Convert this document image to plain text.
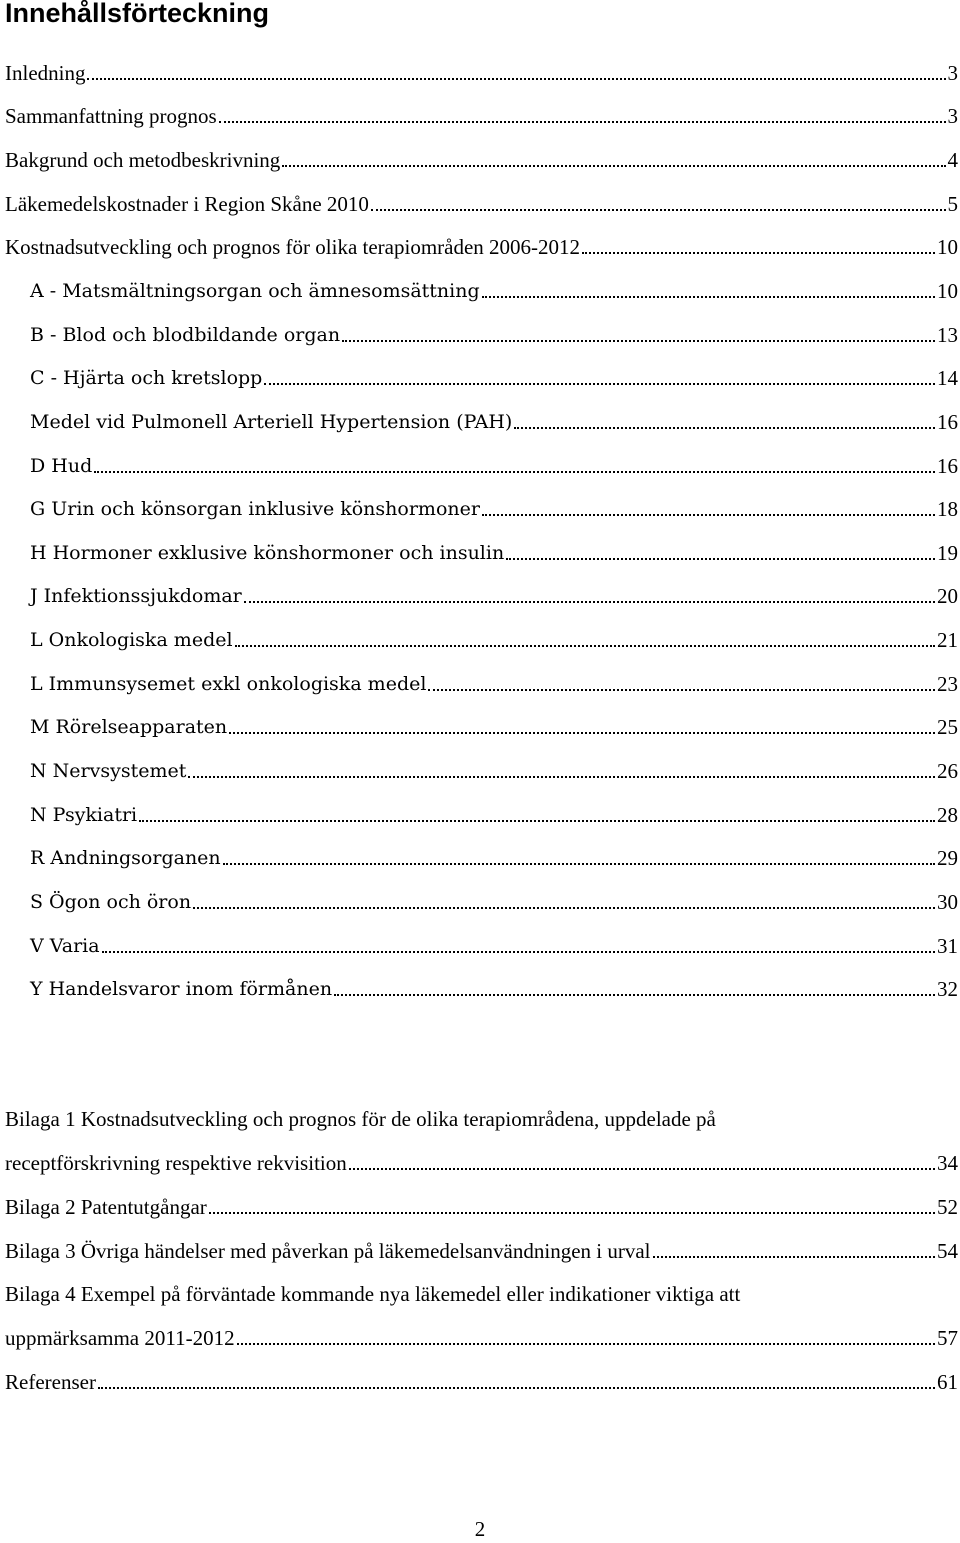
Innehållsförteckning
Inledning	3
Sammanfattning prognos	3
Bakgrund och metodbeskrivning	4
Läkemedelskostnader i Region Skåne 2010	5
Kostnadsutveckling och prognos för olika terapiområden 2006-2012	10
A - Matsmältningsorgan och ämnesomsättning	10
B - Blod och blodbildande organ	13
C - Hjärta och kretslopp	14
Medel vid Pulmonell Arteriell Hypertension (PAH)	16
D Hud	16
G Urin och könsorgan inklusive könshormoner	18
H Hormoner exklusive könshormoner och insulin	19
J Infektionssjukdomar	20
L Onkologiska medel	21
L Immunsysemet exkl onkologiska medel	23
M Rörelseapparaten	25
N Nervsystemet	26
N Psykiatri	28
R Andningsorganen	29
S Ögon och öron	30
V Varia	31
Y Handelsvaror inom förmånen	32
Bilaga 1 Kostnadsutveckling och prognos för de olika terapiområdena, uppdelade på
receptförskrivning respektive rekvisition	34
Bilaga 2 Patentutgångar	52
Bilaga 3 Övriga händelser med påverkan på läkemedelsanvändningen i urval	54
Bilaga 4 Exempel på förväntade kommande nya läkemedel eller indikationer viktiga att
uppmärksamma 2011-2012	57
Referenser	61
2
